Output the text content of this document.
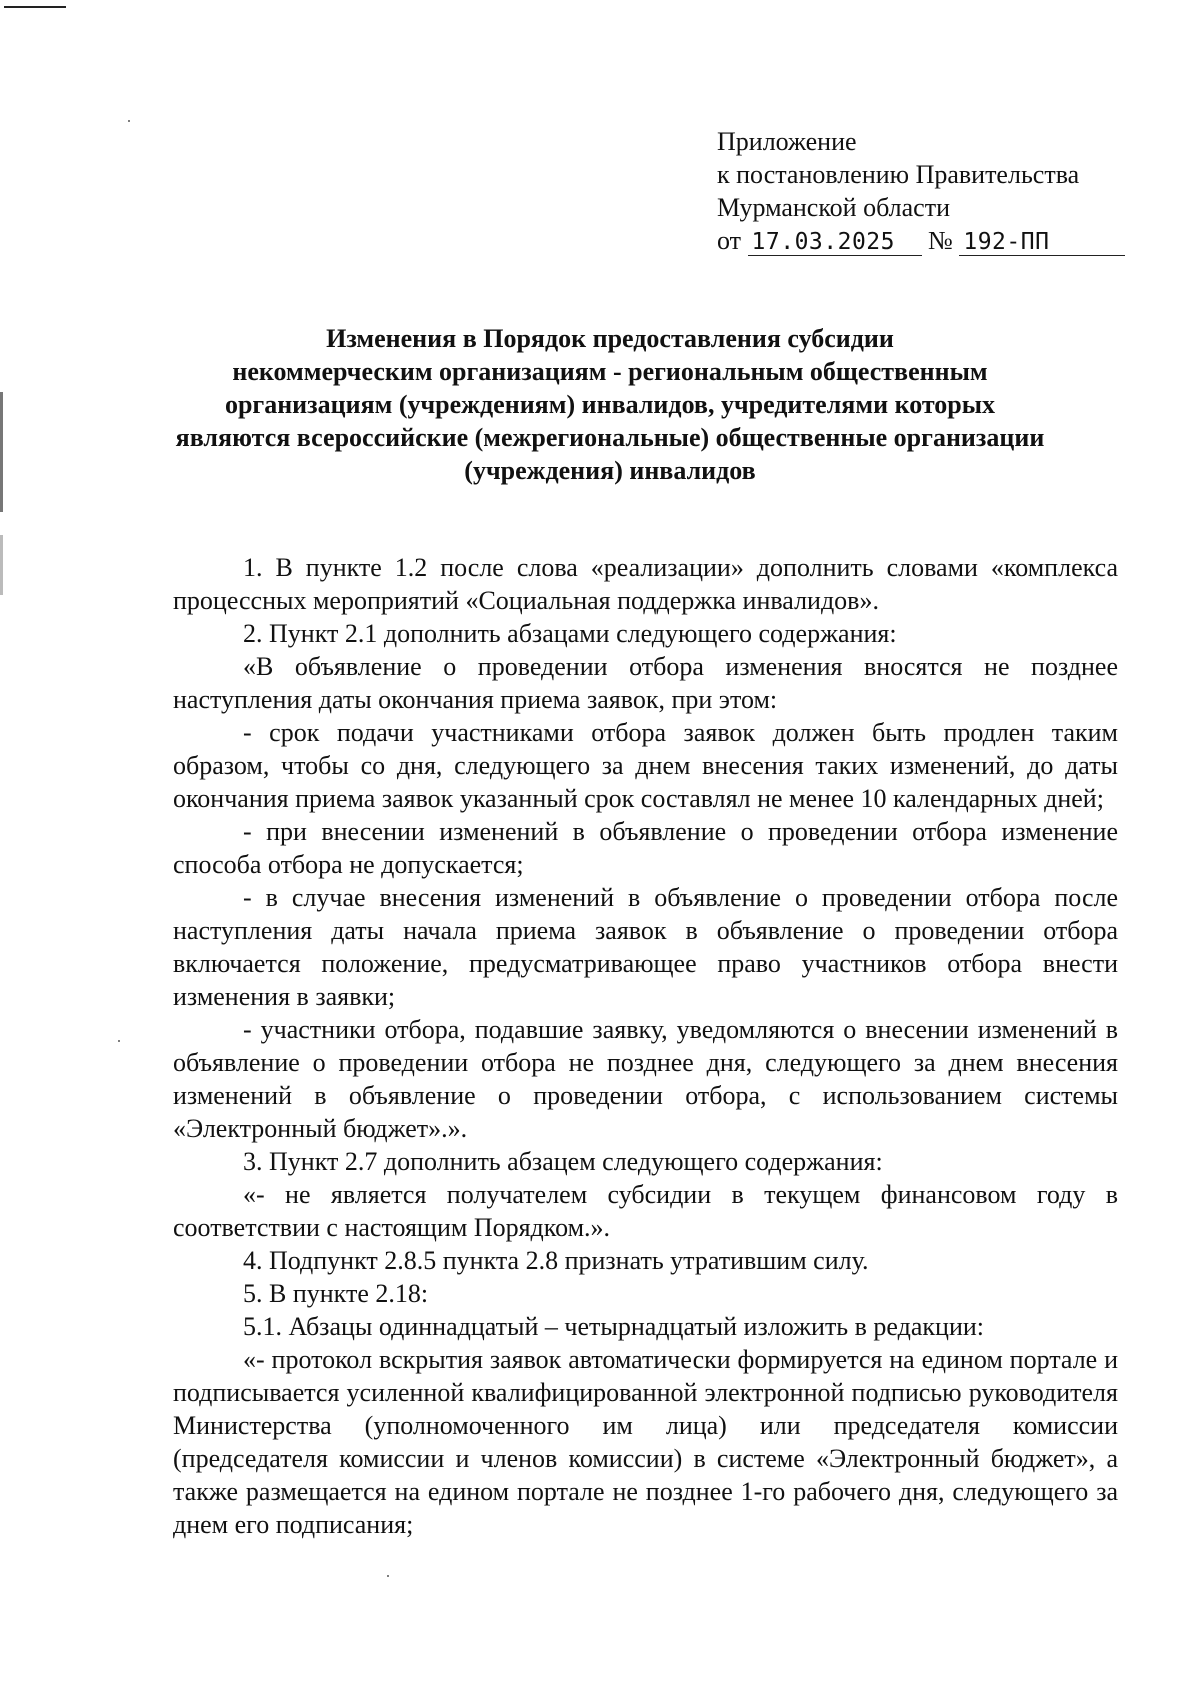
Приложение
к постановлению Правительства
Мурманской области
от 17.03.2025 № 192-ПП
Изменения в Порядок предоставления субсидии
некоммерческим организациям - региональным общественным
организациям (учреждениям) инвалидов, учредителями которых
являются всероссийские (межрегиональные) общественные организации
(учреждения) инвалидов

1. В пункте 1.2 после слова «реализации» дополнить словами «комплекса процессных мероприятий «Социальная поддержка инвалидов».

2. Пункт 2.1 дополнить абзацами следующего содержания:

«В объявление о проведении отбора изменения вносятся не позднее наступления даты окончания приема заявок, при этом:

- срок подачи участниками отбора заявок должен быть продлен таким образом, чтобы со дня, следующего за днем внесения таких изменений, до даты окончания приема заявок указанный срок составлял не менее 10 календарных дней;

- при внесении изменений в объявление о проведении отбора изменение способа отбора не допускается;

- в случае внесения изменений в объявление о проведении отбора после наступления даты начала приема заявок в объявление о проведении отбора включается положение, предусматривающее право участников отбора внести изменения в заявки;

- участники отбора, подавшие заявку, уведомляются о внесении изменений в объявление о проведении отбора не позднее дня, следующего за днем внесения изменений в объявление о проведении отбора, с использованием системы «Электронный бюджет».».

3. Пункт 2.7 дополнить абзацем следующего содержания:

«- не является получателем субсидии в текущем финансовом году в соответствии с настоящим Порядком.».

4. Подпункт 2.8.5 пункта 2.8 признать утратившим силу.

5. В пункте 2.18:

5.1. Абзацы одиннадцатый – четырнадцатый изложить в редакции:

«- протокол вскрытия заявок автоматически формируется на едином портале и подписывается усиленной квалифицированной электронной подписью руководителя Министерства (уполномоченного им лица) или председателя комиссии (председателя комиссии и членов комиссии) в системе «Электронный бюджет», а также размещается на едином портале не позднее 1-го рабочего дня, следующего за днем его подписания;
